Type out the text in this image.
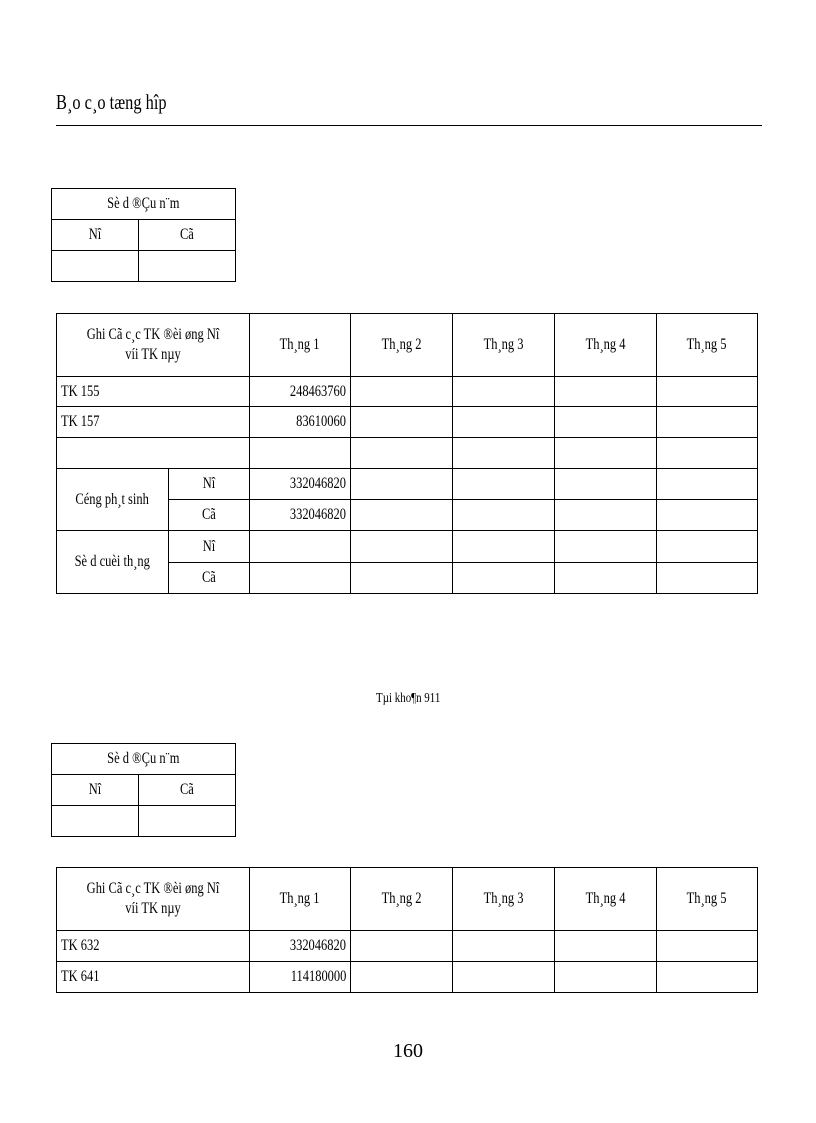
B¸o c¸o tæng hîp
Sè d ®Çu n¨m	
Nî	Cã

Ghi Cã c¸c TK ®èi øng Nî víi TK nµy		Th¸ng 1	Th¸ng 2	Th¸ng 3	Th¸ng 4	Th¸ng 5
TK 155		248463760				
TK 157		83610060				

Céng ph¸t sinh	Nî	332046820				
	Cã	332046820				
Sè d cuèi th¸ng	Nî					
	Cã					
Tµi kho¶n 911
Sè d ®Çu n¨m	
Nî	Cã

Ghi Cã c¸c TK ®èi øng Nî víi TK nµy	Th¸ng 1	Th¸ng 2	Th¸ng 3	Th¸ng 4	Th¸ng 5
TK 632	332046820				
TK 641	114180000				
160
